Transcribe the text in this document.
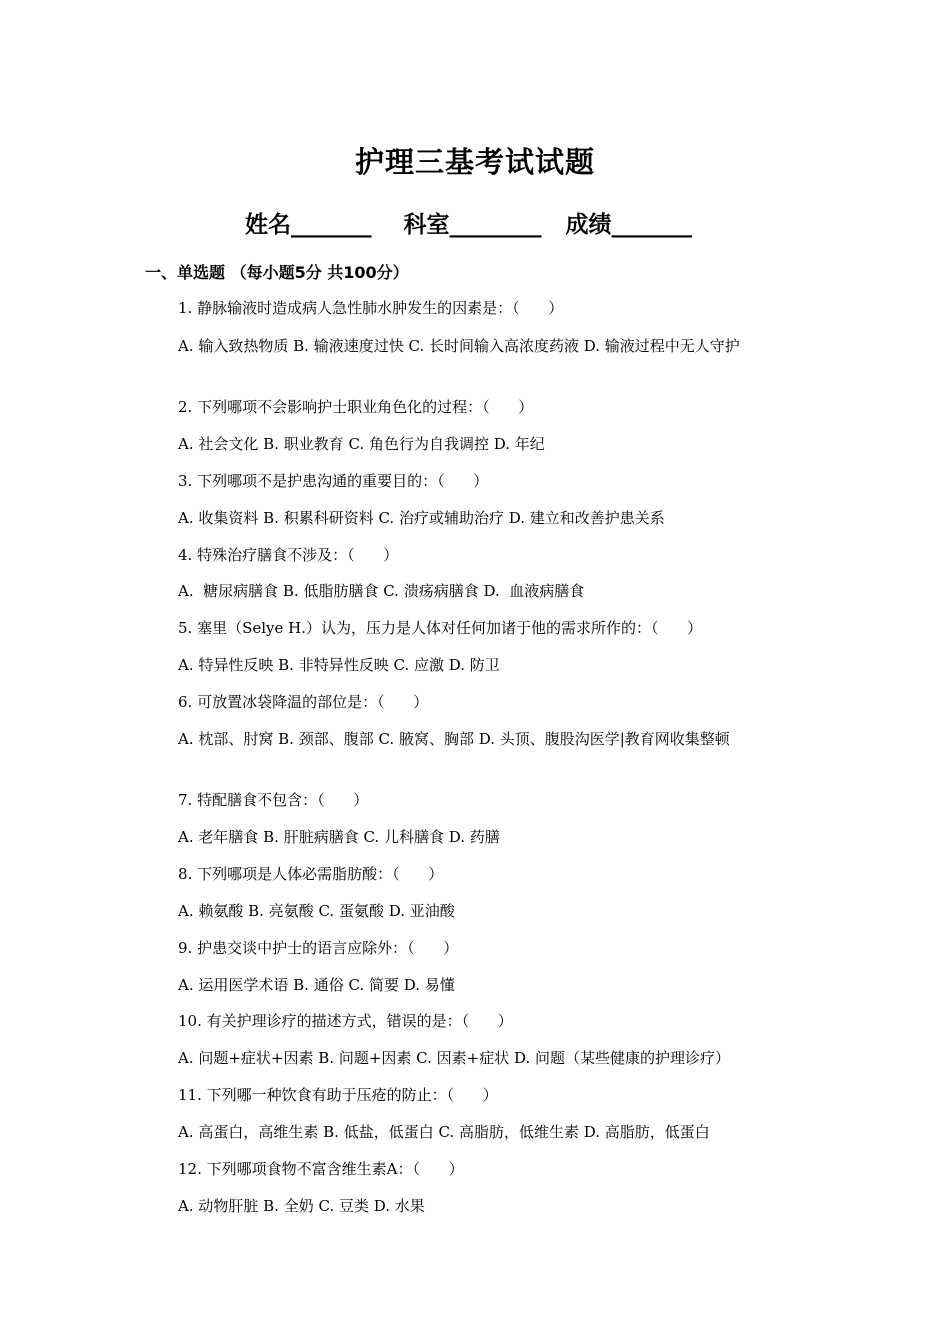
护理三基考试试题
姓名_______    科室________   成绩_______
一、单选题 （每小题5分 共100分）
1. 静脉输液时造成病人急性肺水肿发生的因素是：（      ）
A. 输入致热物质 B. 输液速度过快 C. 长时间输入高浓度药液 D. 输液过程中无人守护
2. 下列哪项不会影响护士职业角色化的过程：（      ）
A. 社会文化 B. 职业教育 C. 角色行为自我调控 D. 年纪
3. 下列哪项不是护患沟通的重要目的：（      ）
A. 收集资料 B. 积累科研资料 C. 治疗或辅助治疗 D. 建立和改善护患关系
4. 特殊治疗膳食不涉及：（      ）
A.  糖尿病膳食 B. 低脂肪膳食 C. 溃疡病膳食 D.  血液病膳食
5. 塞里（Selye H.）认为，压力是人体对任何加诸于他的需求所作的：（      ）
A. 特异性反映 B. 非特异性反映 C. 应激 D. 防卫
6. 可放置冰袋降温的部位是：（      ）
A. 枕部、肘窝 B. 颈部、腹部 C. 腋窝、胸部 D. 头顶、腹股沟医学|教育网收集整顿
7. 特配膳食不包含：（      ）
A. 老年膳食 B. 肝脏病膳食 C. 儿科膳食 D. 药膳
8. 下列哪项是人体必需脂肪酸：（      ）
A. 赖氨酸 B. 亮氨酸 C. 蛋氨酸 D. 亚油酸
9. 护患交谈中护士的语言应除外：（      ）
A. 运用医学术语 B. 通俗 C. 简要 D. 易懂
10. 有关护理诊疗的描述方式，错误的是：（      ）
A. 问题+症状+因素 B. 问题+因素 C. 因素+症状 D. 问题（某些健康的护理诊疗）
11. 下列哪一种饮食有助于压疮的防止：（      ）
A. 高蛋白，高维生素 B. 低盐，低蛋白 C. 高脂肪，低维生素 D. 高脂肪，低蛋白
12. 下列哪项食物不富含维生素A：（      ）
A. 动物肝脏 B. 全奶 C. 豆类 D. 水果
